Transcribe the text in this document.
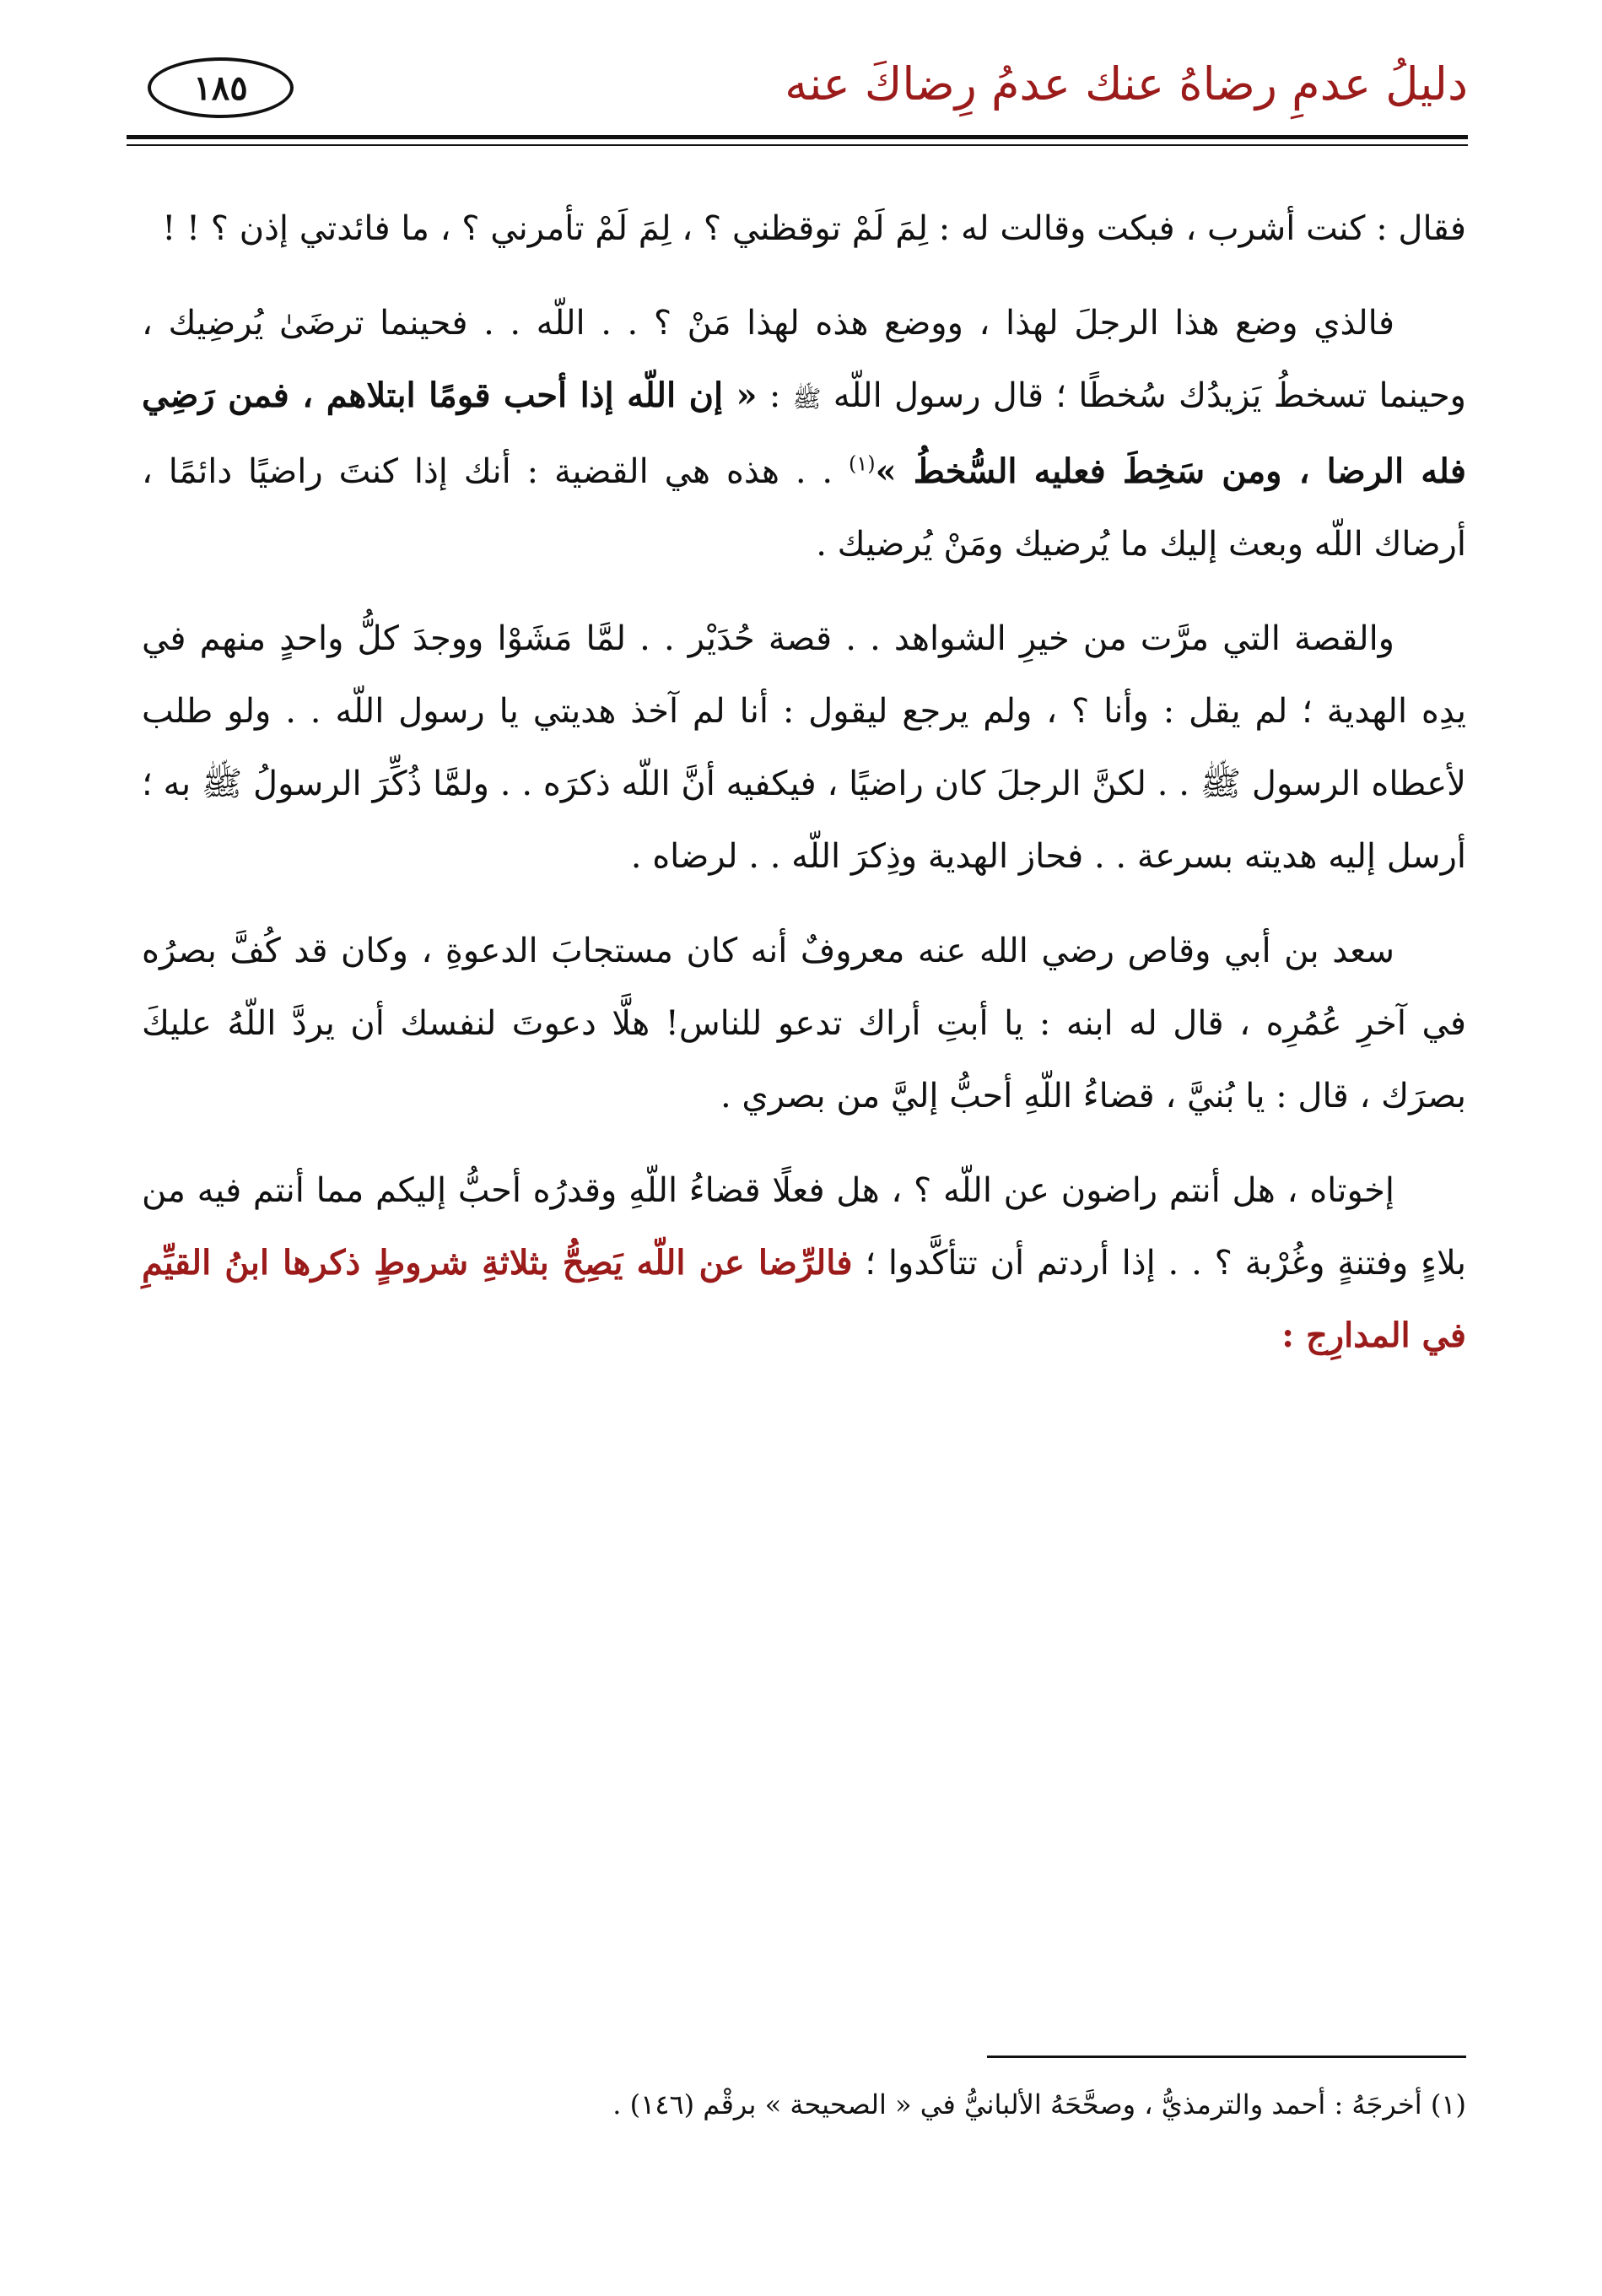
دليلُ عدمِ رضاهُ عنك عدمُ رِضاكَ عنه
١٨٥

فقال : كنت أشرب ، فبكت وقالت له : لِمَ لَمْ توقظني ؟ ، لِمَ لَمْ تأمرني ؟ ، ما فائدتي إذن ؟ ! !

فالذي وضع هذا الرجلَ لهذا ، ووضع هذه لهذا مَنْ ؟ . . اللّه . . فحينما ترضَىٰ يُرضِيك ، وحينما تسخطُ يَزيدُك سُخطًا ؛ قال رسول اللّه ﷺ : « إن اللّه إذا أحب قومًا ابتلاهم ، فمن رَضِي فله الرضا ، ومن سَخِطَ فعليه السُّخطُ »$^{(١)}$ . . هذه هي القضية : أنك إذا كنتَ راضيًا دائمًا ، أرضاك اللّه وبعث إليك ما يُرضيك ومَنْ يُرضيك .

والقصة التي مرَّت من خيرِ الشواهد . . قصة حُدَيْر . . لمَّا مَشَوْا ووجدَ كلُّ واحدٍ منهم في يدِه الهدية ؛ لم يقل : وأنا ؟ ، ولم يرجع ليقول : أنا لم آخذ هديتي يا رسول اللّه . . ولو طلب لأعطاه الرسول ﷺ . . لكنَّ الرجلَ كان راضيًا ، فيكفيه أنَّ اللّه ذكرَه . . ولمَّا ذُكِّرَ الرسولُ ﷺ به ؛ أرسل إليه هديته بسرعة . . فحاز الهدية وذِكرَ اللّه . . لرضاه .

سعد بن أبي وقاص رضي الله عنه معروفٌ أنه كان مستجابَ الدعوةِ ، وكان قد كُفَّ بصرُه في آخرِ عُمُرِه ، قال له ابنه : يا أبتِ أراك تدعو للناس! هلَّا دعوتَ لنفسك أن يردَّ اللّهُ عليكَ بصرَك ، قال : يا بُنيَّ ، قضاءُ اللّهِ أحبُّ إليَّ من بصري .

إخوتاه ، هل أنتم راضون عن اللّه ؟ ، هل فعلًا قضاءُ اللّهِ وقدرُه أحبُّ إليكم مما أنتم فيه من بلاءٍ وفتنةٍ وغُرْبة ؟ . . إذا أردتم أن تتأكَّدوا ؛ فالرِّضا عن اللّه يَصِحُّ بثلاثةِ شروطٍ ذكرها ابنُ القيِّمِ في المدارِج :

(١) أخرجَهُ : أحمد والترمذيُّ ، وصحَّحَهُ الألبانيُّ في « الصحيحة » برقْم (١٤٦) .
